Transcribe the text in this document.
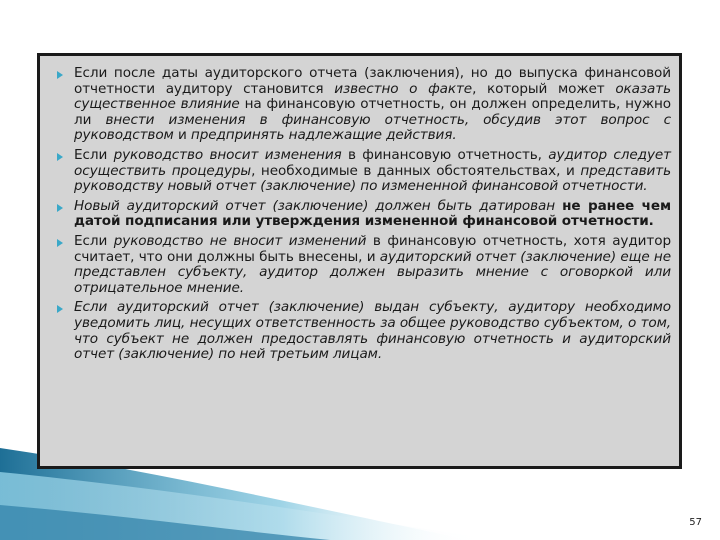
Если после даты аудиторского отчета (заключения), но до выпуска финансовой отчетности аудитору становится известно о факте, который может оказать существенное влияние на финансовую отчетность, он должен определить, нужно ли внести изменения в финансовую отчетность, обсудив этот вопрос с руководством и предпринять надлежащие действия.

Если руководство вносит изменения в финансовую отчетность, аудитор следует осуществить процедуры, необходимые в данных обстоятельствах, и представить руководству новый отчет (заключение) по измененной финансовой отчетности.

Новый аудиторский отчет (заключение) должен быть датирован не ранее чем датой подписания или утверждения измененной финансовой отчетности.

Если руководство не вносит изменений в финансовую отчетность, хотя аудитор считает, что они должны быть внесены, и аудиторский отчет (заключение) еще не представлен субъекту, аудитор должен выразить мнение с оговоркой или отрицательное мнение.

Если аудиторский отчет (заключение) выдан субъекту, аудитору необходимо уведомить лиц, несущих ответственность за общее руководство субъектом, о том, что субъект не должен предоставлять финансовую отчетность и аудиторский отчет (заключение) по ней третьим лицам.

57
